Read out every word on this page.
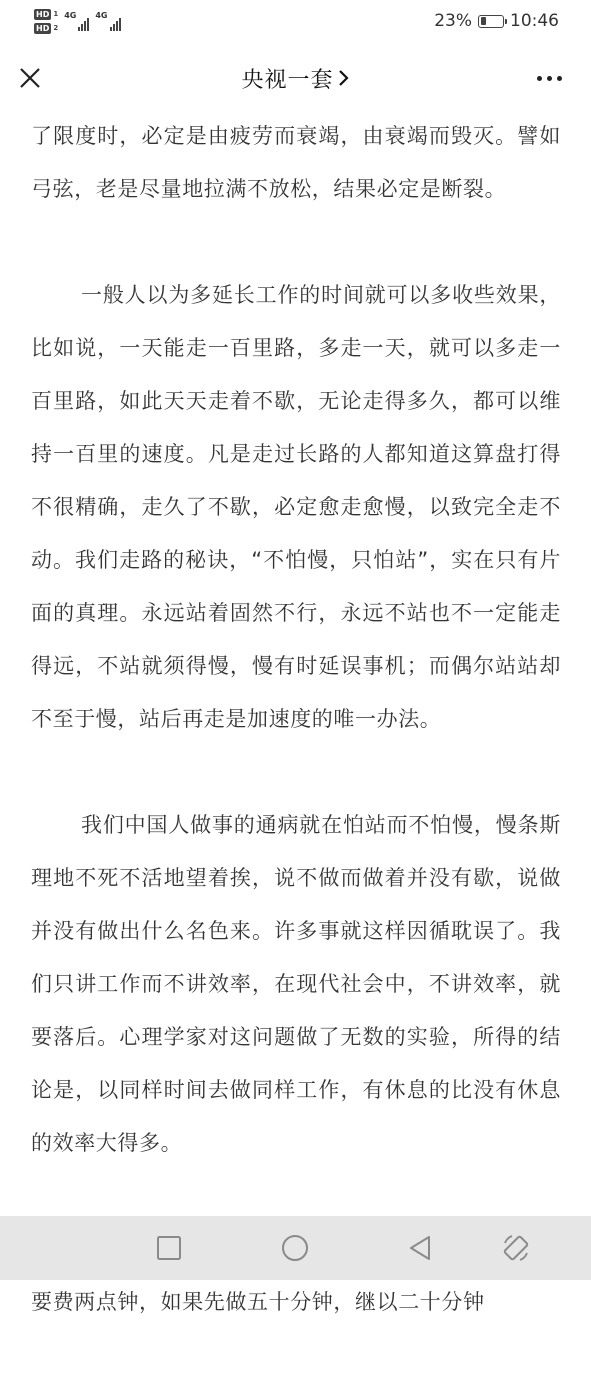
HD 1
HD 2
4G 4G	23% 10:46
央视一套

了限度时，必定是由疲劳而衰竭，由衰竭而毁灭。譬如弓弦，老是尽量地拉满不放松，结果必定是断裂。

一般人以为多延长工作的时间就可以多收些效果，比如说，一天能走一百里路，多走一天，就可以多走一百里路，如此天天走着不歇，无论走得多久，都可以维持一百里的速度。凡是走过长路的人都知道这算盘打得不很精确，走久了不歇，必定愈走愈慢，以致完全走不动。我们走路的秘诀，“不怕慢，只怕站”，实在只有片面的真理。永远站着固然不行，永远不站也不一定能走得远，不站就须得慢，慢有时延误事机；而偶尔站站却不至于慢，站后再走是加速度的唯一办法。

我们中国人做事的通病就在怕站而不怕慢，慢条斯理地不死不活地望着挨，说不做而做着并没有歇，说做并没有做出什么名色来。许多事就这样因循耽误了。我们只讲工作而不讲效率，在现代社会中，不讲效率，就要落后。心理学家对这问题做了无数的实验，所得的结论是，以同样时间去做同样工作，有休息的比没有休息的效率大得多。

要费两点钟，如果先做五十分钟，继以二十分钟
